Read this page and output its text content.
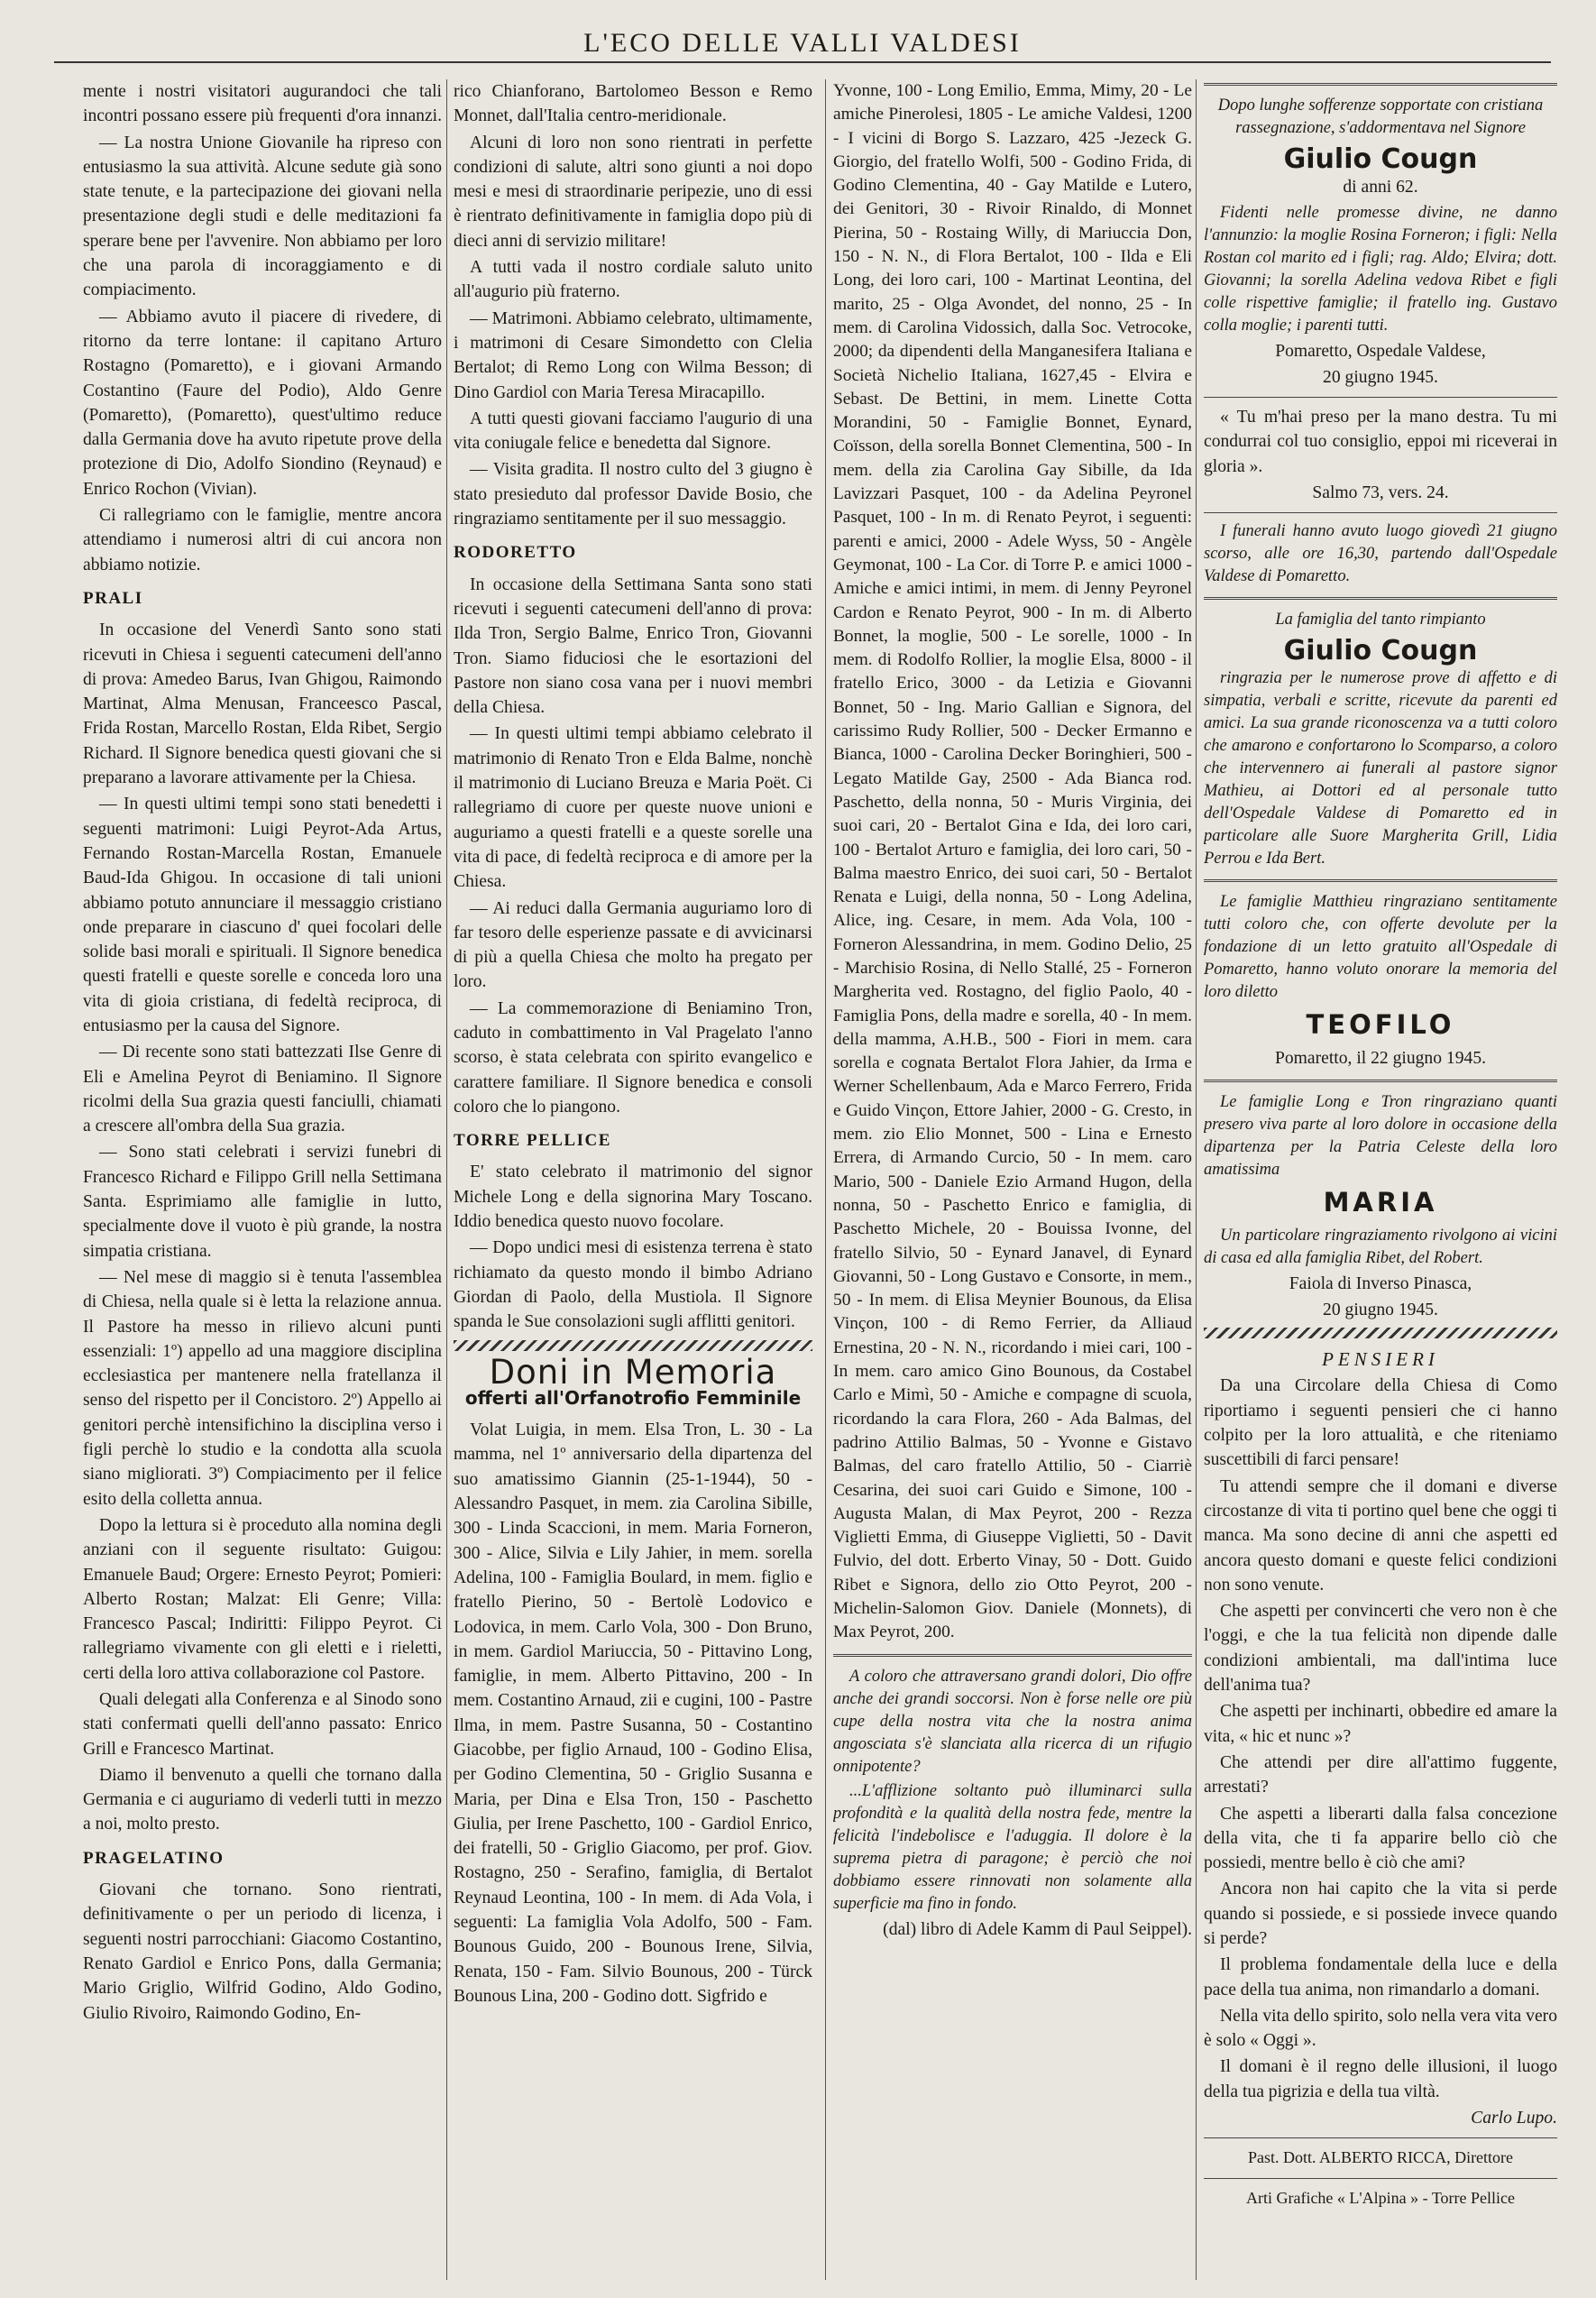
L'ECO DELLE VALLI VALDESI

mente i nostri visitatori augurandoci che tali incontri possano essere più frequenti d'ora innanzi.

— La nostra Unione Giovanile ha ripreso con entusiasmo la sua attività. Alcune sedute già sono state tenute, e la partecipazione dei giovani nella presentazione degli studi e delle meditazioni fa sperare bene per l'avvenire. Non abbiamo per loro che una parola di incoraggiamento e di compiacimento.

— Abbiamo avuto il piacere di rivedere, di ritorno da terre lontane: il capitano Arturo Rostagno (Pomaretto), e i giovani Armando Costantino (Faure del Podio), Aldo Genre (Pomaretto), (Pomaretto), quest'ultimo reduce dalla Germania dove ha avuto ripetute prove della protezione di Dio, Adolfo Siondino (Reynaud) e Enrico Rochon (Vivian).

Ci rallegriamo con le famiglie, mentre ancora attendiamo i numerosi altri di cui ancora non abbiamo notizie.

PRALI

In occasione del Venerdì Santo sono stati ricevuti in Chiesa i seguenti catecumeni dell'anno di prova: Amedeo Barus, Ivan Ghigou, Raimondo Martinat, Alma Menusan, Franceesco Pascal, Frida Rostan, Marcello Rostan, Elda Ribet, Sergio Richard. Il Signore benedica questi giovani che si preparano a lavorare attivamente per la Chiesa.

— In questi ultimi tempi sono stati benedetti i seguenti matrimoni: Luigi Peyrot-Ada Artus, Fernando Rostan-Marcella Rostan, Emanuele Baud-Ida Ghigou. In occasione di tali unioni abbiamo potuto annunciare il messaggio cristiano onde preparare in ciascuno d' quei focolari delle solide basi morali e spirituali. Il Signore benedica questi fratelli e queste sorelle e conceda loro una vita di gioia cristiana, di fedeltà reciproca, di entusiasmo per la causa del Signore.

— Di recente sono stati battezzati Ilse Genre di Eli e Amelina Peyrot di Beniamino. Il Signore ricolmi della Sua grazia questi fanciulli, chiamati a crescere all'ombra della Sua grazia.

— Sono stati celebrati i servizi funebri di Francesco Richard e Filippo Grill nella Settimana Santa. Esprimiamo alle famiglie in lutto, specialmente dove il vuoto è più grande, la nostra simpatia cristiana.

— Nel mese di maggio si è tenuta l'assemblea di Chiesa, nella quale si è letta la relazione annua. Il Pastore ha messo in rilievo alcuni punti essenziali: 1º) appello ad una maggiore disciplina ecclesiastica per mantenere nella fratellanza il senso del rispetto per il Concistoro. 2º) Appello ai genitori perchè intensifichino la disciplina verso i figli perchè lo studio e la condotta alla scuola siano migliorati. 3º) Compiacimento per il felice esito della colletta annua.

Dopo la lettura si è proceduto alla nomina degli anziani con il seguente risultato: Guigou: Emanuele Baud; Orgere: Ernesto Peyrot; Pomieri: Alberto Rostan; Malzat: Eli Genre; Villa: Francesco Pascal; Indiritti: Filippo Peyrot. Ci rallegriamo vivamente con gli eletti e i rieletti, certi della loro attiva collaborazione col Pastore.

Quali delegati alla Conferenza e al Sinodo sono stati confermati quelli dell'anno passato: Enrico Grill e Francesco Martinat.

Diamo il benvenuto a quelli che tornano dalla Germania e ci auguriamo di vederli tutti in mezzo a noi, molto presto.

PRAGELATINO

Giovani che tornano. Sono rientrati, definitivamente o per un periodo di licenza, i seguenti nostri parrocchiani: Giacomo Costantino, Renato Gardiol e Enrico Pons, dalla Germania; Mario Griglio, Wilfrid Godino, Aldo Godino, Giulio Rivoiro, Raimondo Godino, En-

rico Chianforano, Bartolomeo Besson e Remo Monnet, dall'Italia centro-meridionale.

Alcuni di loro non sono rientrati in perfette condizioni di salute, altri sono giunti a noi dopo mesi e mesi di straordinarie peripezie, uno di essi è rientrato definitivamente in famiglia dopo più di dieci anni di servizio militare!

A tutti vada il nostro cordiale saluto unito all'augurio più fraterno.

— Matrimoni. Abbiamo celebrato, ultimamente, i matrimoni di Cesare Simondetto con Clelia Bertalot; di Remo Long con Wilma Besson; di Dino Gardiol con Maria Teresa Miracapillo.

A tutti questi giovani facciamo l'augurio di una vita coniugale felice e benedetta dal Signore.

— Visita gradita. Il nostro culto del 3 giugno è stato presieduto dal professor Davide Bosio, che ringraziamo sentitamente per il suo messaggio.

RODORETTO

In occasione della Settimana Santa sono stati ricevuti i seguenti catecumeni dell'anno di prova: Ilda Tron, Sergio Balme, Enrico Tron, Giovanni Tron. Siamo fiduciosi che le esortazioni del Pastore non siano cosa vana per i nuovi membri della Chiesa.

— In questi ultimi tempi abbiamo celebrato il matrimonio di Renato Tron e Elda Balme, nonchè il matrimonio di Luciano Breuza e Maria Poët. Ci rallegriamo di cuore per queste nuove unioni e auguriamo a questi fratelli e a queste sorelle una vita di pace, di fedeltà reciproca e di amore per la Chiesa.

— Ai reduci dalla Germania auguriamo loro di far tesoro delle esperienze passate e di avvicinarsi di più a quella Chiesa che molto ha pregato per loro.

— La commemorazione di Beniamino Tron, caduto in combattimento in Val Pragelato l'anno scorso, è stata celebrata con spirito evangelico e carattere familiare. Il Signore benedica e consoli coloro che lo piangono.

TORRE PELLICE

E' stato celebrato il matrimonio del signor Michele Long e della signorina Mary Toscano. Iddio benedica questo nuovo focolare.

— Dopo undici mesi di esistenza terrena è stato richiamato da questo mondo il bimbo Adriano Giordan di Paolo, della Mustiola. Il Signore spanda le Sue consolazioni sugli afflitti genitori.

Doni in Memoria
offerti all'Orfanotrofio Femminile

Volat Luigia, in mem. Elsa Tron, L. 30 - La mamma, nel 1º anniversario della dipartenza del suo amatissimo Giannin (25-1-1944), 50 - Alessandro Pasquet, in mem. zia Carolina Sibille, 300 - Linda Scaccioni, in mem. Maria Forneron, 300 - Alice, Silvia e Lily Jahier, in mem. sorella Adelina, 100 - Famiglia Boulard, in mem. figlio e fratello Pierino, 50 - Bertolè Lodovico e Lodovica, in mem. Carlo Vola, 300 - Don Bruno, in mem. Gardiol Mariuccia, 50 - Pittavino Long, famiglie, in mem. Alberto Pittavino, 200 - In mem. Costantino Arnaud, zii e cugini, 100 - Pastre Ilma, in mem. Pastre Susanna, 50 - Costantino Giacobbe, per figlio Arnaud, 100 - Godino Elisa, per Godino Clementina, 50 - Griglio Susanna e Maria, per Dina e Elsa Tron, 150 - Paschetto Giulia, per Irene Paschetto, 100 - Gardiol Enrico, dei fratelli, 50 - Griglio Giacomo, per prof. Giov. Rostagno, 250 - Serafino, famiglia, di Bertalot Reynaud Leontina, 100 - In mem. di Ada Vola, i seguenti: La famiglia Vola Adolfo, 500 - Fam. Bounous Guido, 200 - Bounous Irene, Silvia, Renata, 150 - Fam. Silvio Bounous, 200 - Türck Bounous Lina, 200 - Godino dott. Sigfrido e

Yvonne, 100 - Long Emilio, Emma, Mimy, 20 - Le amiche Pinerolesi, 1805 - Le amiche Valdesi, 1200 - I vicini di Borgo S. Lazzaro, 425 -Jezeck G. Giorgio, del fratello Wolfi, 500 - Godino Frida, di Godino Clementina, 40 - Gay Matilde e Lutero, dei Genitori, 30 - Rivoir Rinaldo, di Monnet Pierina, 50 - Rostaing Willy, di Mariuccia Don, 150 - N. N., di Flora Bertalot, 100 - Ilda e Eli Long, dei loro cari, 100 - Martinat Leontina, del marito, 25 - Olga Avondet, del nonno, 25 - In mem. di Carolina Vidossich, dalla Soc. Vetrocoke, 2000; da dipendenti della Manganesifera Italiana e Società Nichelio Italiana, 1627,45 - Elvira e Sebast. De Bettini, in mem. Linette Cotta Morandini, 50 - Famiglie Bonnet, Eynard, Coïsson, della sorella Bonnet Clementina, 500 - In mem. della zia Carolina Gay Sibille, da Ida Lavizzari Pasquet, 100 - da Adelina Peyronel Pasquet, 100 - In m. di Renato Peyrot, i seguenti: parenti e amici, 2000 - Adele Wyss, 50 - Angèle Geymonat, 100 - La Cor. di Torre P. e amici 1000 - Amiche e amici intimi, in mem. di Jenny Peyronel Cardon e Renato Peyrot, 900 - In m. di Alberto Bonnet, la moglie, 500 - Le sorelle, 1000 - In mem. di Rodolfo Rollier, la moglie Elsa, 8000 - il fratello Erico, 3000 - da Letizia e Giovanni Bonnet, 50 - Ing. Mario Gallian e Signora, del carissimo Rudy Rollier, 500 - Decker Ermanno e Bianca, 1000 - Carolina Decker Boringhieri, 500 - Legato Matilde Gay, 2500 - Ada Bianca rod. Paschetto, della nonna, 50 - Muris Virginia, dei suoi cari, 20 - Bertalot Gina e Ida, dei loro cari, 100 - Bertalot Arturo e famiglia, dei loro cari, 50 - Balma maestro Enrico, dei suoi cari, 50 - Bertalot Renata e Luigi, della nonna, 50 - Long Adelina, Alice, ing. Cesare, in mem. Ada Vola, 100 - Forneron Alessandrina, in mem. Godino Delio, 25 - Marchisio Rosina, di Nello Stallé, 25 - Forneron Margherita ved. Rostagno, del figlio Paolo, 40 - Famiglia Pons, della madre e sorella, 40 - In mem. della mamma, A.H.B., 500 - Fiori in mem. cara sorella e cognata Bertalot Flora Jahier, da Irma e Werner Schellenbaum, Ada e Marco Ferrero, Frida e Guido Vinçon, Ettore Jahier, 2000 - G. Cresto, in mem. zio Elio Monnet, 500 - Lina e Ernesto Errera, di Armando Curcio, 50 - In mem. caro Mario, 500 - Daniele Ezio Armand Hugon, della nonna, 50 - Paschetto Enrico e famiglia, di Paschetto Michele, 20 - Bouissa Ivonne, del fratello Silvio, 50 - Eynard Janavel, di Eynard Giovanni, 50 - Long Gustavo e Consorte, in mem., 50 - In mem. di Elisa Meynier Bounous, da Elisa Vinçon, 100 - di Remo Ferrier, da Alliaud Ernestina, 20 - N. N., ricordando i miei cari, 100 - In mem. caro amico Gino Bounous, da Costabel Carlo e Mimì, 50 - Amiche e compagne di scuola, ricordando la cara Flora, 260 - Ada Balmas, del padrino Attilio Balmas, 50 - Yvonne e Gistavo Balmas, del caro fratello Attilio, 50 - Ciarriè Cesarina, dei suoi cari Guido e Simone, 100 - Augusta Malan, di Max Peyrot, 200 - Rezza Viglietti Emma, di Giuseppe Viglietti, 50 - Davit Fulvio, del dott. Erberto Vinay, 50 - Dott. Guido Ribet e Signora, dello zio Otto Peyrot, 200 - Michelin-Salomon Giov. Daniele (Monnets), di Max Peyrot, 200.

A coloro che attraversano grandi dolori, Dio offre anche dei grandi soccorsi. Non è forse nelle ore più cupe della nostra vita che la nostra anima angosciata s'è slanciata alla ricerca di un rifugio onnipotente?

...L'afflizione soltanto può illuminarci sulla profondità e la qualità della nostra fede, mentre la felicità l'indebolisce e l'aduggia. Il dolore è la suprema pietra di paragone; è perciò che noi dobbiamo essere rinnovati non solamente alla superficie ma fino in fondo.

(dal) libro di Adele Kamm di Paul Seippel).

Dopo lunghe sofferenze sopportate con cristiana rassegnazione, s'addormentava nel Signore

Giulio Cougn

di anni 62.

Fidenti nelle promesse divine, ne danno l'annunzio: la moglie Rosina Forneron; i figli: Nella Rostan col marito ed i figli; rag. Aldo; Elvira; dott. Giovanni; la sorella Adelina vedova Ribet e figli colle rispettive famiglie; il fratello ing. Gustavo colla moglie; i parenti tutti.

Pomaretto, Ospedale Valdese,

20 giugno 1945.

« Tu m'hai preso per la mano destra. Tu mi condurrai col tuo consiglio, eppoi mi riceverai in gloria ».

Salmo 73, vers. 24.

I funerali hanno avuto luogo giovedì 21 giugno scorso, alle ore 16,30, partendo dall'Ospedale Valdese di Pomaretto.

La famiglia del tanto rimpianto

Giulio Cougn

ringrazia per le numerose prove di affetto e di simpatia, verbali e scritte, ricevute da parenti ed amici. La sua grande riconoscenza va a tutti coloro che amarono e confortarono lo Scomparso, a coloro che intervennero ai funerali al pastore signor Mathieu, ai Dottori ed al personale tutto dell'Ospedale Valdese di Pomaretto ed in particolare alle Suore Margherita Grill, Lidia Perrou e Ida Bert.

Le famiglie Matthieu ringraziano sentitamente tutti coloro che, con offerte devolute per la fondazione di un letto gratuito all'Ospedale di Pomaretto, hanno voluto onorare la memoria del loro diletto

TEOFILO

Pomaretto, il 22 giugno 1945.

Le famiglie Long e Tron ringraziano quanti presero viva parte al loro dolore in occasione della dipartenza per la Patria Celeste della loro amatissima

MARIA

Un particolare ringraziamento rivolgono ai vicini di casa ed alla famiglia Ribet, del Robert.

Faiola di Inverso Pinasca,

20 giugno 1945.

PENSIERI

Da una Circolare della Chiesa di Como riportiamo i seguenti pensieri che ci hanno colpito per la loro attualità, e che riteniamo suscettibili di farci pensare!

Tu attendi sempre che il domani e diverse circostanze di vita ti portino quel bene che oggi ti manca. Ma sono decine di anni che aspetti ed ancora questo domani e queste felici condizioni non sono venute.

Che aspetti per convincerti che vero non è che l'oggi, e che la tua felicità non dipende dalle condizioni ambientali, ma dall'intima luce dell'anima tua?

Che aspetti per inchinarti, obbedire ed amare la vita, « hic et nunc »?

Che attendi per dire all'attimo fuggente, arrestati?

Che aspetti a liberarti dalla falsa concezione della vita, che ti fa apparire bello ciò che possiedi, mentre bello è ciò che ami?

Ancora non hai capito che la vita si perde quando si possiede, e si possiede invece quando si perde?

Il problema fondamentale della luce e della pace della tua anima, non rimandarlo a domani.

Nella vita dello spirito, solo nella vera vita vero è solo « Oggi ».

Il domani è il regno delle illusioni, il luogo della tua pigrizia e della tua viltà.

Carlo Lupo.

Past. Dott. ALBERTO RICCA, Direttore

Arti Grafiche « L'Alpina » - Torre Pellice
